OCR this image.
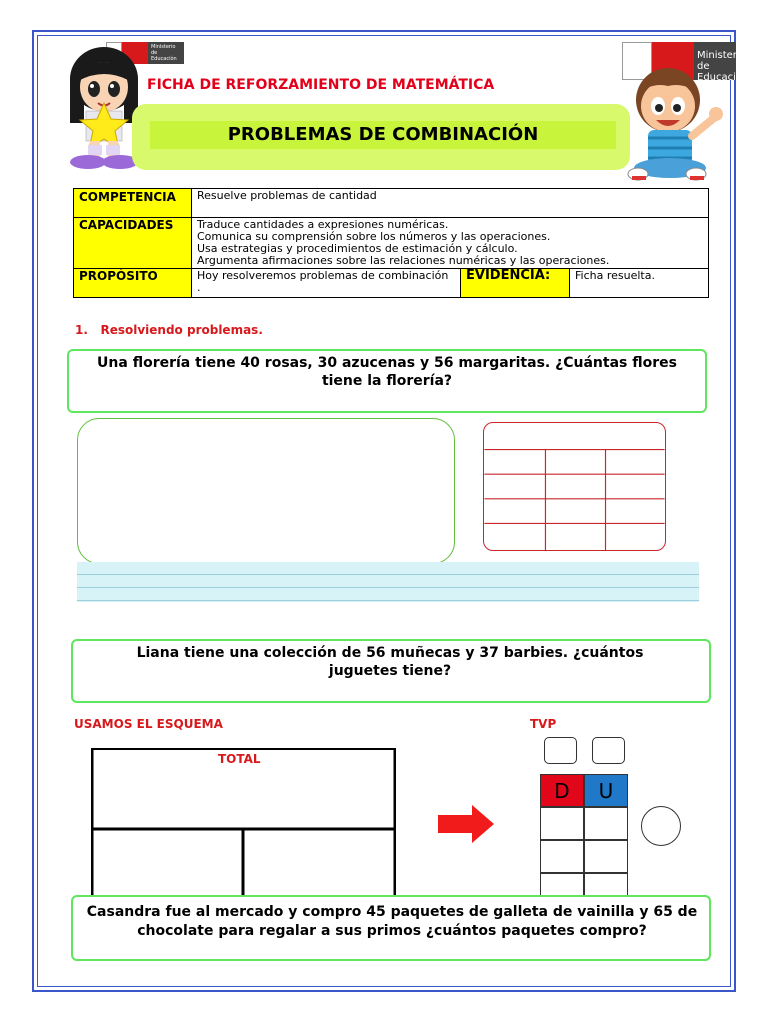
Ministerio de Educación	Ministerio de Educación
FICHA DE REFORZAMIENTO DE MATEMÁTICA
PROBLEMAS DE COMBINACIÓN
COMPETENCIA	Resuelve problemas de cantidad		
CAPACIDADES	Traduce cantidades a expresiones numéricas.
Comunica su comprensión sobre los números y las operaciones.
Usa estrategias y procedimientos de estimación y cálculo.
Argumenta afirmaciones sobre las relaciones numéricas y las operaciones.		

PROPÓSITO	Hoy resolveremos problemas de combinación .	EVIDENCIA:	Ficha resuelta.
1. Resolviendo problemas.
Una florería tiene 40 rosas, 30 azucenas y 56 margaritas. ¿Cuántas flores tiene la florería?
Liana tiene una colección de 56 muñecas y 37 barbies. ¿cuántos juguetes tiene?
USAMOS EL ESQUEMA	TVP
TOTAL
D	U
Casandra fue al mercado y compro 45 paquetes de galleta de vainilla y 65 de chocolate para regalar a sus primos ¿cuántos paquetes compro?
